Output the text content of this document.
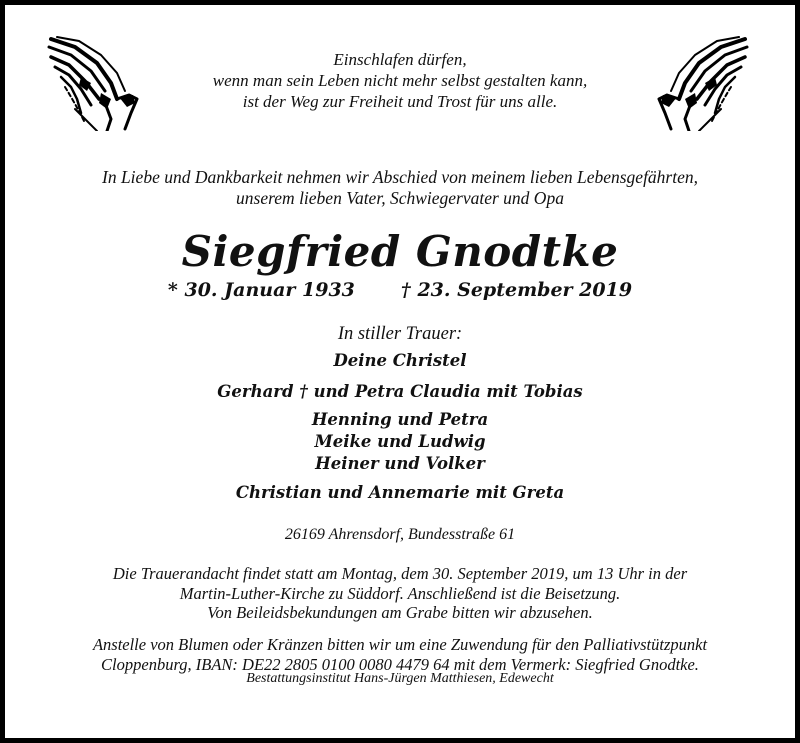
Einschlafen dürfen,
wenn man sein Leben nicht mehr selbst gestalten kann,
ist der Weg zur Freiheit und Trost für uns alle.
In Liebe und Dankbarkeit nehmen wir Abschied von meinem lieben Lebensgefährten,
unserem lieben Vater, Schwiegervater und Opa
Siegfried Gnodtke
* 30. Januar 1933 † 23. September 2019
In stiller Trauer:
Deine Christel
Gerhard † und Petra Claudia mit Tobias
Henning und Petra
Meike und Ludwig
Heiner und Volker
Christian und Annemarie mit Greta
26169 Ahrensdorf, Bundesstraße 61
Die Trauerandacht findet statt am Montag, dem 30. September 2019, um 13 Uhr in der
Martin-Luther-Kirche zu Süddorf. Anschließend ist die Beisetzung.
Von Beileidsbekundungen am Grabe bitten wir abzusehen.
Anstelle von Blumen oder Kränzen bitten wir um eine Zuwendung für den Palliativstützpunkt
Cloppenburg, IBAN: DE22 2805 0100 0080 4479 64 mit dem Vermerk: Siegfried Gnodtke.
Bestattungsinstitut Hans-Jürgen Matthiesen, Edewecht
